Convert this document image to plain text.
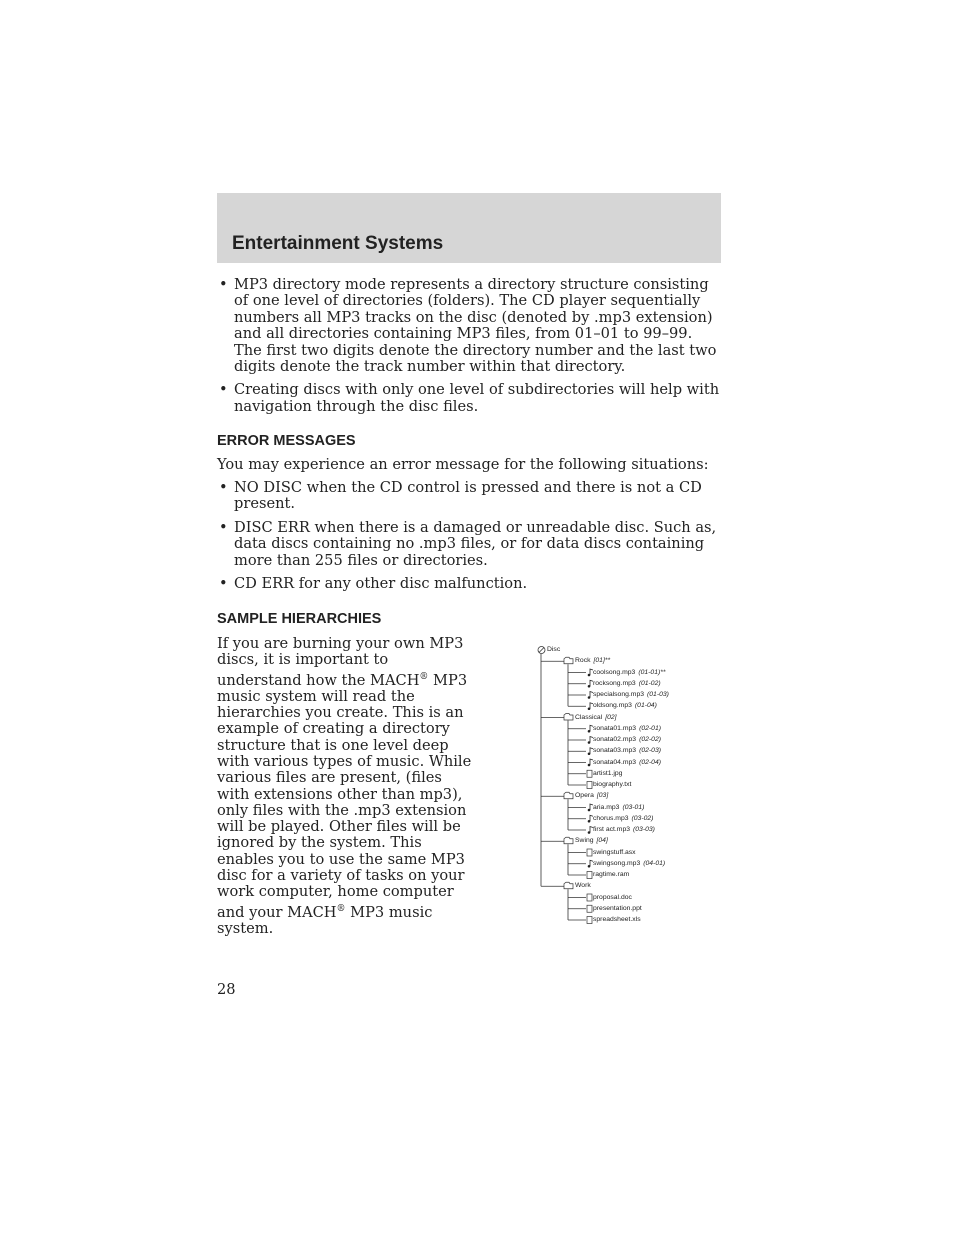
Entertainment Systems
• MP3 directory mode represents a directory structure consisting of one level of directories (folders). The CD player sequentially numbers all MP3 tracks on the disc (denoted by .mp3 extension) and all directories containing MP3 files, from 01–01 to 99–99. The first two digits denote the directory number and the last two digits denote the track number within that directory.
• Creating discs with only one level of subdirectories will help with navigation through the disc files.
ERROR MESSAGES

You may experience an error message for the following situations:

• NO DISC when the CD control is pressed and there is not a CD present.
• DISC ERR when there is a damaged or unreadable disc. Such as, data discs containing no .mp3 files, or for data discs containing more than 255 files or directories.
• CD ERR for any other disc malfunction.
SAMPLE HIERARCHIES
If you are burning your own MP3 discs, it is important to understand how the MACH® MP3 music system will read the hierarchies you create. This is an example of creating a directory structure that is one level deep with various types of music. While various files are present, (files with extensions other than mp3), only files with the .mp3 extension will be played. Other files will be ignored by the system. This enables you to use the same MP3 disc for a variety of tasks on your work computer, home computer and your MACH® MP3 music system.
Disc
Rock [01]**
coolsong.mp3 (01-01)**
rocksong.mp3 (01-02)
specialsong.mp3 (01-03)
oldsong.mp3 (01-04)
Classical [02]
sonata01.mp3 (02-01)
sonata02.mp3 (02-02)
sonata03.mp3 (02-03)
sonata04.mp3 (02-04)
artist1.jpg
biography.txt
Opera [03]
aria.mp3 (03-01)
chorus.mp3 (03-02)
first act.mp3 (03-03)
Swing [04]
swingstuff.asx
swingsong.mp3 (04-01)
ragtime.ram
Work
proposal.doc
presentation.ppt
spreadsheet.xls
28
